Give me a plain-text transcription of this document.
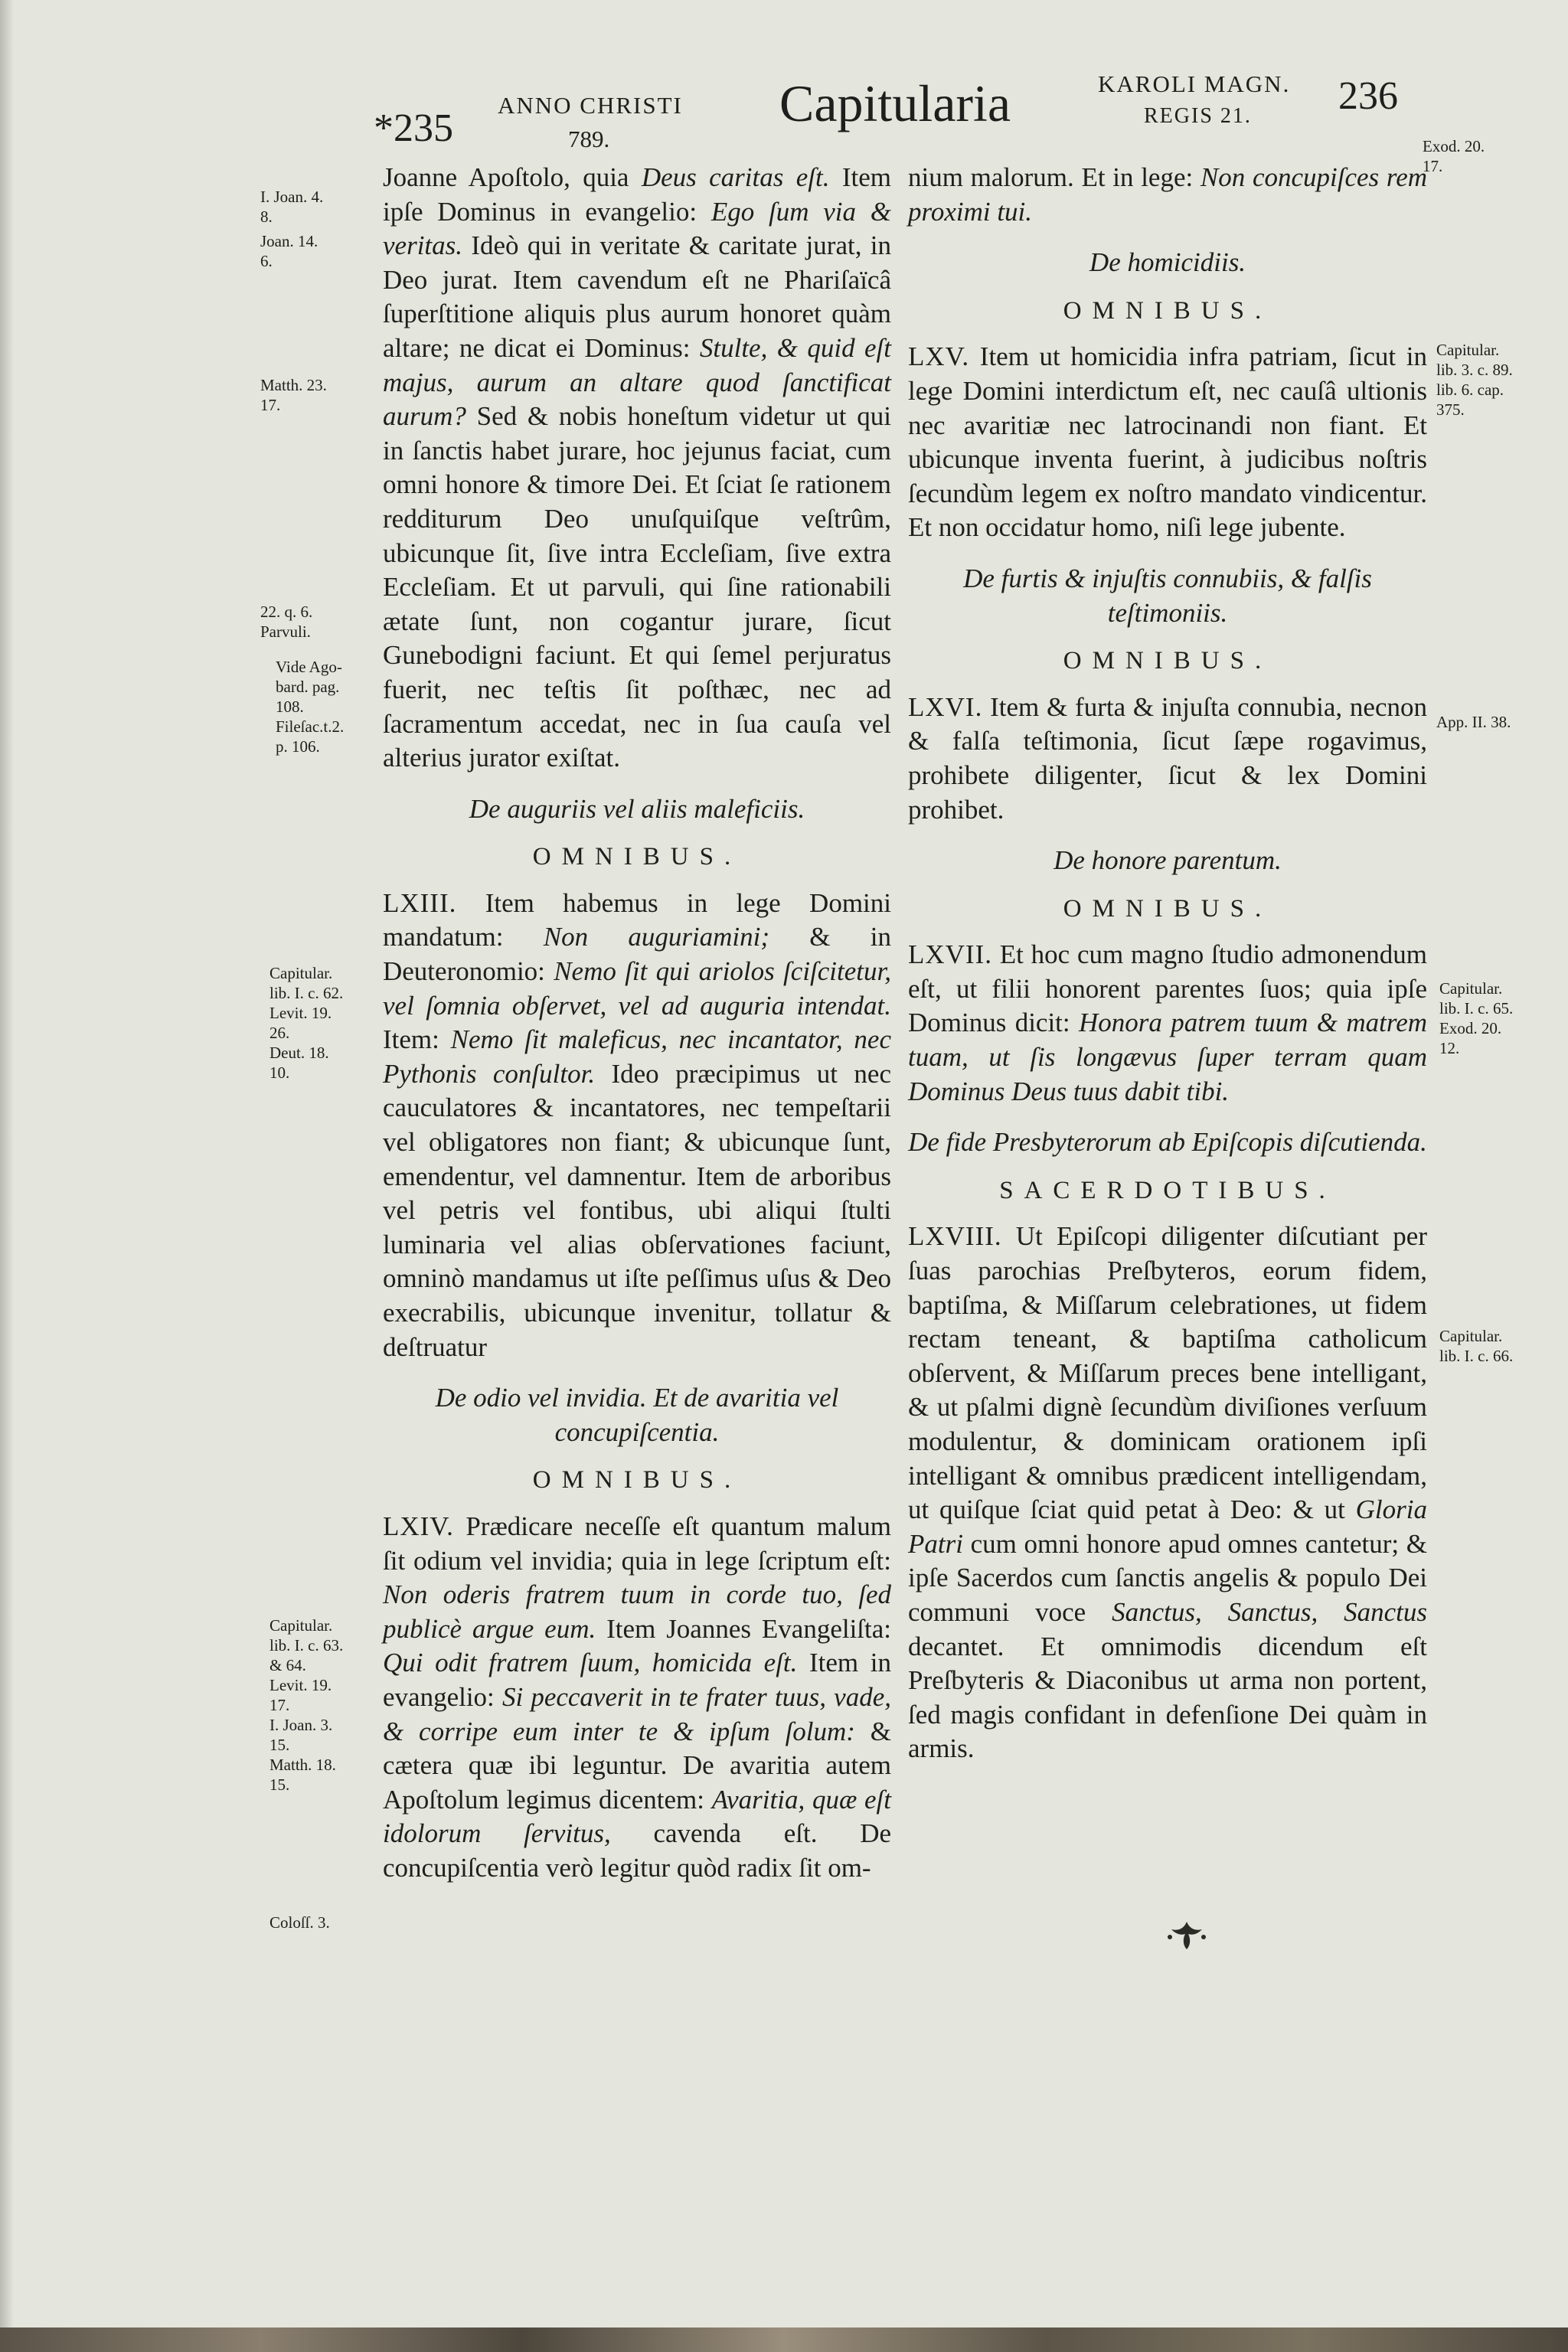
*235
ANNO CHRISTI
789.
Capitularia	KAROLI MAGN.
REGIS 21. 236

Joanne Apoſtolo, quia Deus caritas eſt. Item ipſe Dominus in evangelio: Ego ſum via & veritas. Ideò qui in veritate & caritate jurat, in Deo jurat. Item cavendum eſt ne Phariſaïcâ ſuperſtitione aliquis plus aurum honoret quàm altare; ne dicat ei Dominus: Stulte, & quid eſt majus, aurum an altare quod ſanctificat aurum? Sed & nobis honeſtum videtur ut qui in ſanctis habet jurare, hoc jejunus faciat, cum omni honore & timore Dei. Et ſciat ſe rationem redditurum Deo unuſquiſque veſtrûm, ubicunque ſit, ſive intra Eccleſiam, ſive extra Eccleſiam. Et ut parvuli, qui ſine rationabili ætate ſunt, non cogantur jurare, ſicut Gunebodigni faciunt. Et qui ſemel perjuratus fuerit, nec teſtis ſit poſthæc, nec ad ſacramentum accedat, nec in ſua cauſa vel alterius jurator exiſtat.

De auguriis vel aliis maleficiis.

OMNIBUS.

LXIII. Item habemus in lege Domini mandatum: Non auguriamini; & in Deuteronomio: Nemo ſit qui ariolos ſciſcitetur, vel ſomnia obſervet, vel ad auguria intendat. Item: Nemo ſit maleficus, nec incantator, nec Pythonis conſultor. Ideo præcipimus ut nec cauculatores & incantatores, nec tempeſtarii vel obligatores non fiant; & ubicunque ſunt, emendentur, vel damnentur. Item de arboribus vel petris vel fontibus, ubi aliqui ſtulti luminaria vel alias obſervationes faciunt, omninò mandamus ut iſte peſſimus uſus & Deo execrabilis, ubicunque invenitur, tollatur & deſtruatur

De odio vel invidia. Et de avaritia vel concupiſcentia.

OMNIBUS.

LXIV. Prædicare neceſſe eſt quantum malum ſit odium vel invidia; quia in lege ſcriptum eſt: Non oderis fratrem tuum in corde tuo, ſed publicè argue eum. Item Joannes Evangeliſta: Qui odit fratrem ſuum, homicida eſt. Item in evangelio: Si peccaverit in te frater tuus, vade, & corripe eum inter te & ipſum ſolum: & cætera quæ ibi leguntur. De avaritia autem Apoſtolum legimus dicentem: Avaritia, quæ eſt idolorum ſervitus, cavenda eſt. De concupiſcentia verò legitur quòd radix ſit om-

nium malorum. Et in lege: Non concupiſces rem proximi tui.

De homicidiis.

OMNIBUS.

LXV. Item ut homicidia infra patriam, ſicut in lege Domini interdictum eſt, nec cauſâ ultionis nec avaritiæ nec latrocinandi non fiant. Et ubicunque inventa fuerint, à judicibus noſtris ſecundùm legem ex noſtro mandato vindicentur. Et non occidatur homo, niſi lege jubente.

De furtis & injuſtis connubiis, & falſis teſtimoniis.

OMNIBUS.

LXVI. Item & furta & injuſta connubia, necnon & falſa teſtimonia, ſicut ſæpe rogavimus, prohibete diligenter, ſicut & lex Domini prohibet.

De honore parentum.

OMNIBUS.

LXVII. Et hoc cum magno ſtudio admonendum eſt, ut filii honorent parentes ſuos; quia ipſe Dominus dicit: Honora patrem tuum & matrem tuam, ut ſis longævus ſuper terram quam Dominus Deus tuus dabit tibi.

De fide Presbyterorum ab Epiſcopis diſcutienda.

SACERDOTIBUS.

LXVIII. Ut Epiſcopi diligenter diſcutiant per ſuas parochias Preſbyteros, eorum fidem, baptiſma, & Miſſarum celebrationes, ut fidem rectam teneant, & baptiſma catholicum obſervent, & Miſſarum preces bene intelligant, & ut pſalmi dignè ſecundùm diviſiones verſuum modulentur, & dominicam orationem ipſi intelligant & omnibus prædicent intelligendam, ut quiſque ſciat quid petat à Deo: & ut Gloria Patri cum omni honore apud omnes cantetur; & ipſe Sacerdos cum ſanctis angelis & populo Dei communi voce Sanctus, Sanctus, Sanctus decantet. Et omnimodis dicendum eſt Preſbyteris & Diaconibus ut arma non portent, ſed magis confidant in defenſione Dei quàm in armis.

I. Joan. 4.
8.
Joan. 14.
6.
Matth. 23.
17.
22. q. 6.
Parvuli.
Vide Ago-
bard. pag.
108.
Fileſac.t.2.
p. 106.
Capitular.
lib. I. c. 62.
Levit. 19.
26.
Deut. 18.
10.
Capitular.
lib. I. c. 63.
& 64.
Levit. 19.
17.
I. Joan. 3.
15.
Matth. 18.
15.
Coloſſ. 3.
Exod. 20.
17.
Capitular.
lib. 3. c. 89.
lib. 6. cap.
375.
App. II. 38.
Capitular.
lib. I. c. 65.
Exod. 20.
12.
Capitular.
lib. I. c. 66.
